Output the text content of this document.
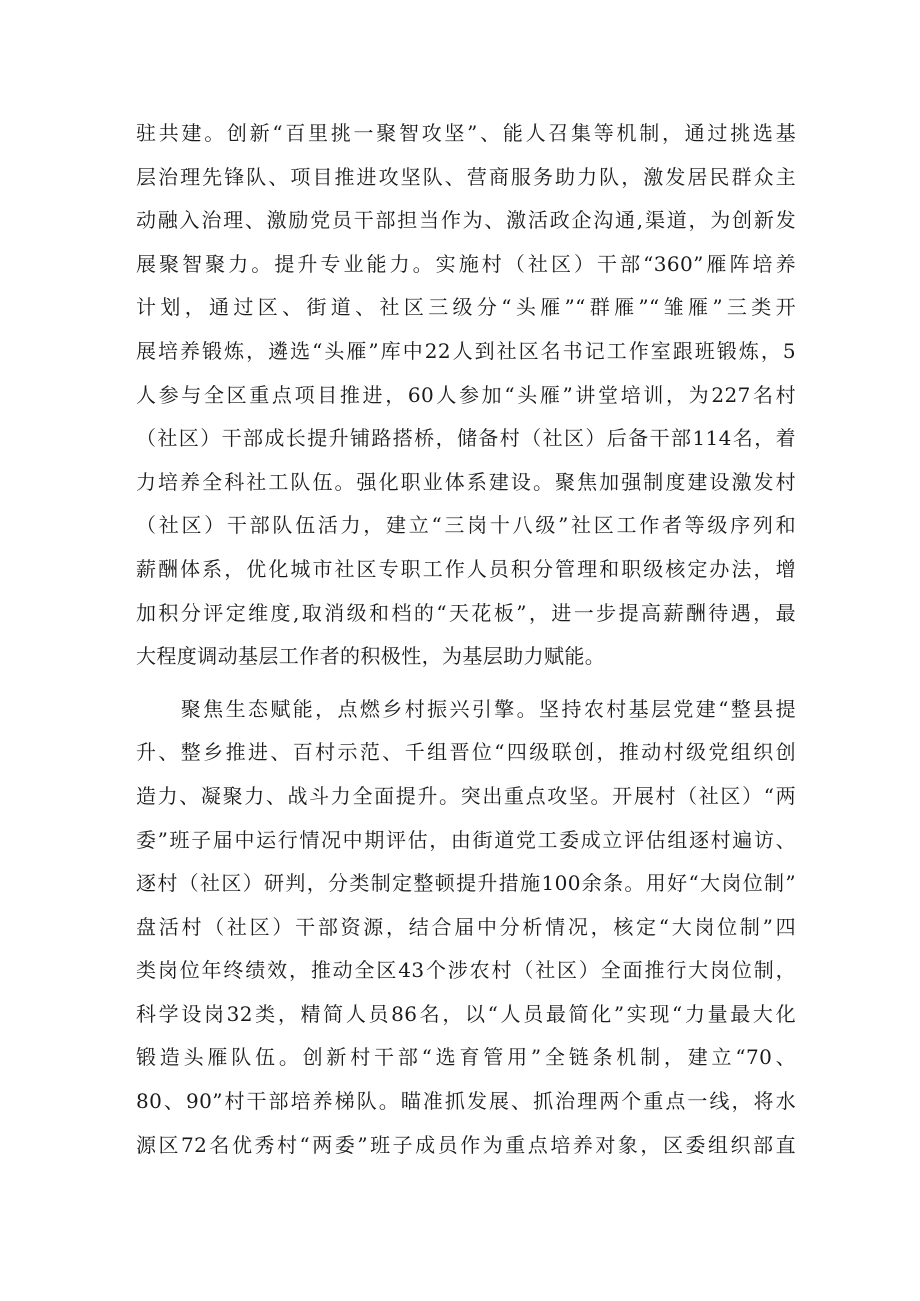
驻共建。创新“百里挑一聚智攻坚”、能人召集等机制，通过挑选基
层治理先锋队、项目推进攻坚队、营商服务助力队，激发居民群众主
动融入治理、激励党员干部担当作为、激活政企沟通,渠道，为创新发
展聚智聚力。提升专业能力。实施村（社区）干部“360”雁阵培养
计划，通过区、街道、社区三级分“头雁”“群雁”“雏雁”三类开
展培养锻炼，遴选“头雁”库中22人到社区名书记工作室跟班锻炼，5
人参与全区重点项目推进，60人参加“头雁”讲堂培训，为227名村
（社区）干部成长提升铺路搭桥，储备村（社区）后备干部114名，着
力培养全科社工队伍。强化职业体系建设。聚焦加强制度建设激发村
（社区）干部队伍活力，建立“三岗十八级”社区工作者等级序列和
薪酬体系，优化城市社区专职工作人员积分管理和职级核定办法，增
加积分评定维度,取消级和档的“天花板”，进一步提高薪酬待遇，最
大程度调动基层工作者的积极性，为基层助力赋能。
　　聚焦生态赋能，点燃乡村振兴引擎。坚持农村基层党建“整县提
升、整乡推进、百村示范、千组晋位“四级联创，推动村级党组织创
造力、凝聚力、战斗力全面提升。突出重点攻坚。开展村（社区）“两
委”班子届中运行情况中期评估，由街道党工委成立评估组逐村遍访、
逐村（社区）研判，分类制定整顿提升措施100余条。用好“大岗位制”
盘活村（社区）干部资源，结合届中分析情况，核定“大岗位制”四
类岗位年终绩效，推动全区43个涉农村（社区）全面推行大岗位制，
科学设岗32类，精简人员86名，以“人员最简化”实现“力量最大化
锻造头雁队伍。创新村干部“选育管用”全链条机制，建立“70、
80、90”村干部培养梯队。瞄准抓发展、抓治理两个重点一线，将水
源区72名优秀村“两委”班子成员作为重点培养对象，区委组织部直
